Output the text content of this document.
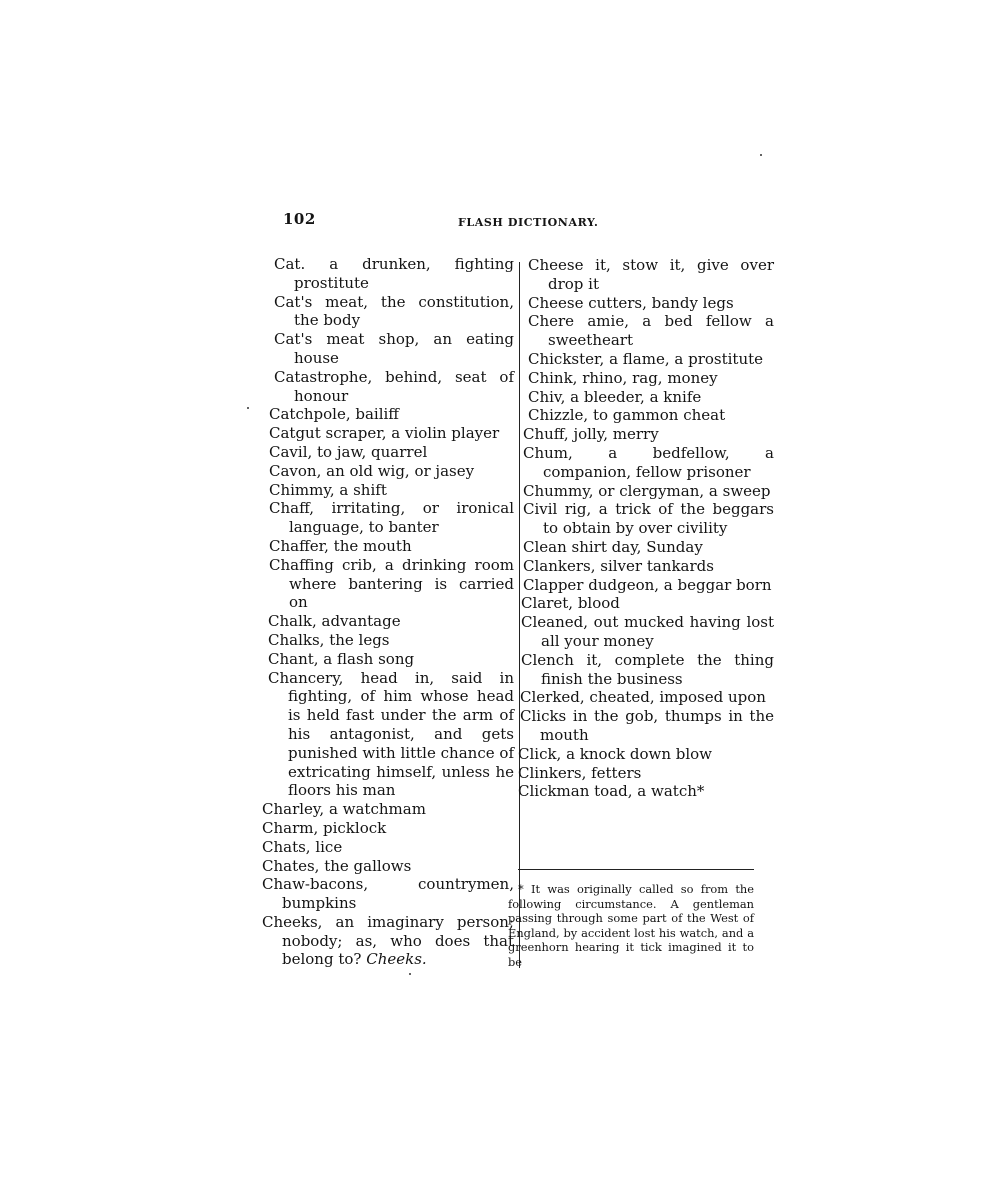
102	FLASH DICTIONARY.
Cat. a drunken, fighting prostitute
Cat's meat, the constitution, the body
Cat's meat shop, an eating house
Catastrophe, behind, seat of honour
Catchpole, bailiff
Catgut scraper, a violin player
Cavil, to jaw, quarrel
Cavon, an old wig, or jasey
Chimmy, a shift
Chaff, irritating, or ironical language, to banter
Chaffer, the mouth
Chaffing crib, a drinking room where bantering is carried on
Chalk, advantage
Chalks, the legs
Chant, a flash song
Chancery, head in, said in fighting, of him whose head is held fast under the arm of his antagonist, and gets punished with little chance of extricating himself, unless he floors his man
Charley, a watchmam
Charm, picklock
Chats, lice
Chates, the gallows
Chaw-bacons, countrymen, bumpkins
Cheeks, an imaginary person; nobody; as, who does that belong to? Cheeks.
Cheese it, stow it, give over drop it
Cheese cutters, bandy legs
Chere amie, a bed fellow a sweetheart
Chickster, a flame, a prostitute
Chink, rhino, rag, money
Chiv, a bleeder, a knife
Chizzle, to gammon cheat
Chuff, jolly, merry
Chum, a bedfellow, a companion, fellow prisoner
Chummy, or clergyman, a sweep
Civil rig, a trick of the beggars to obtain by over civility
Clean shirt day, Sunday
Clankers, silver tankards
Clapper dudgeon, a beggar born
Claret, blood
Cleaned, out mucked having lost all your money
Clench it, complete the thing finish the business
Clerked, cheated, imposed upon
Clicks in the gob, thumps in the mouth
Click, a knock down blow
Clinkers, fetters
Clickman toad, a watch*
* It was originally called so from the following circumstance. A gentleman passing through some part of the West of England, by accident lost his watch, and a greenhorn hearing it tick imagined it to be
